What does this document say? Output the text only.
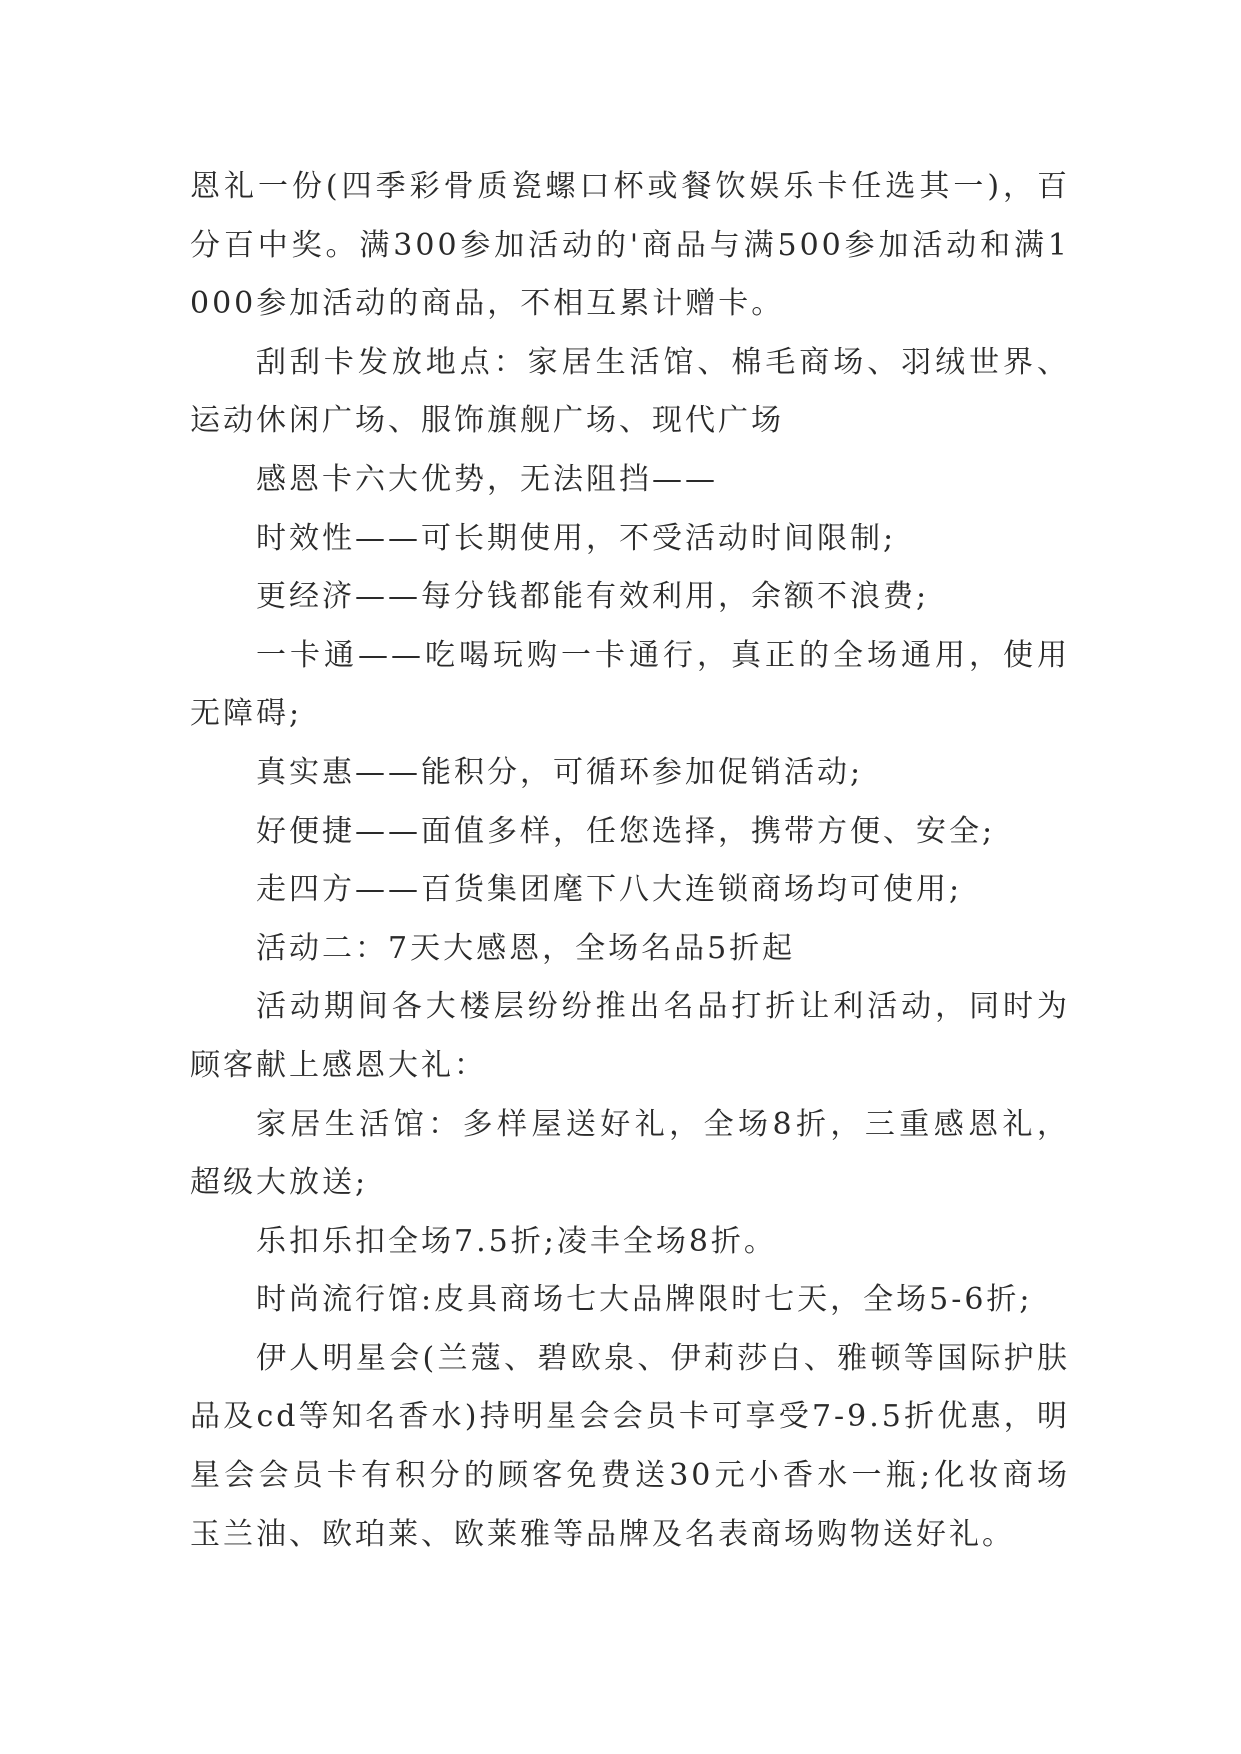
恩礼一份(四季彩骨质瓷螺口杯或餐饮娱乐卡任选其一)，百分百中奖。满300参加活动的'商品与满500参加活动和满1000参加活动的商品，不相互累计赠卡。

刮刮卡发放地点：家居生活馆、棉毛商场、羽绒世界、运动休闲广场、服饰旗舰广场、现代广场

感恩卡六大优势，无法阻挡——

时效性——可长期使用，不受活动时间限制;

更经济——每分钱都能有效利用，余额不浪费;

一卡通——吃喝玩购一卡通行，真正的全场通用，使用无障碍;

真实惠——能积分，可循环参加促销活动;

好便捷——面值多样，任您选择，携带方便、安全;

走四方——百货集团麾下八大连锁商场均可使用;

活动二：7天大感恩，全场名品5折起

活动期间各大楼层纷纷推出名品打折让利活动，同时为顾客献上感恩大礼：

家居生活馆：多样屋送好礼，全场8折，三重感恩礼，超级大放送;

乐扣乐扣全场7.5折;凌丰全场8折。

时尚流行馆:皮具商场七大品牌限时七天，全场5-6折;

伊人明星会(兰蔻、碧欧泉、伊莉莎白、雅顿等国际护肤品及cd等知名香水)持明星会会员卡可享受7-9.5折优惠，明星会会员卡有积分的顾客免费送30元小香水一瓶;化妆商场玉兰油、欧珀莱、欧莱雅等品牌及名表商场购物送好礼。
